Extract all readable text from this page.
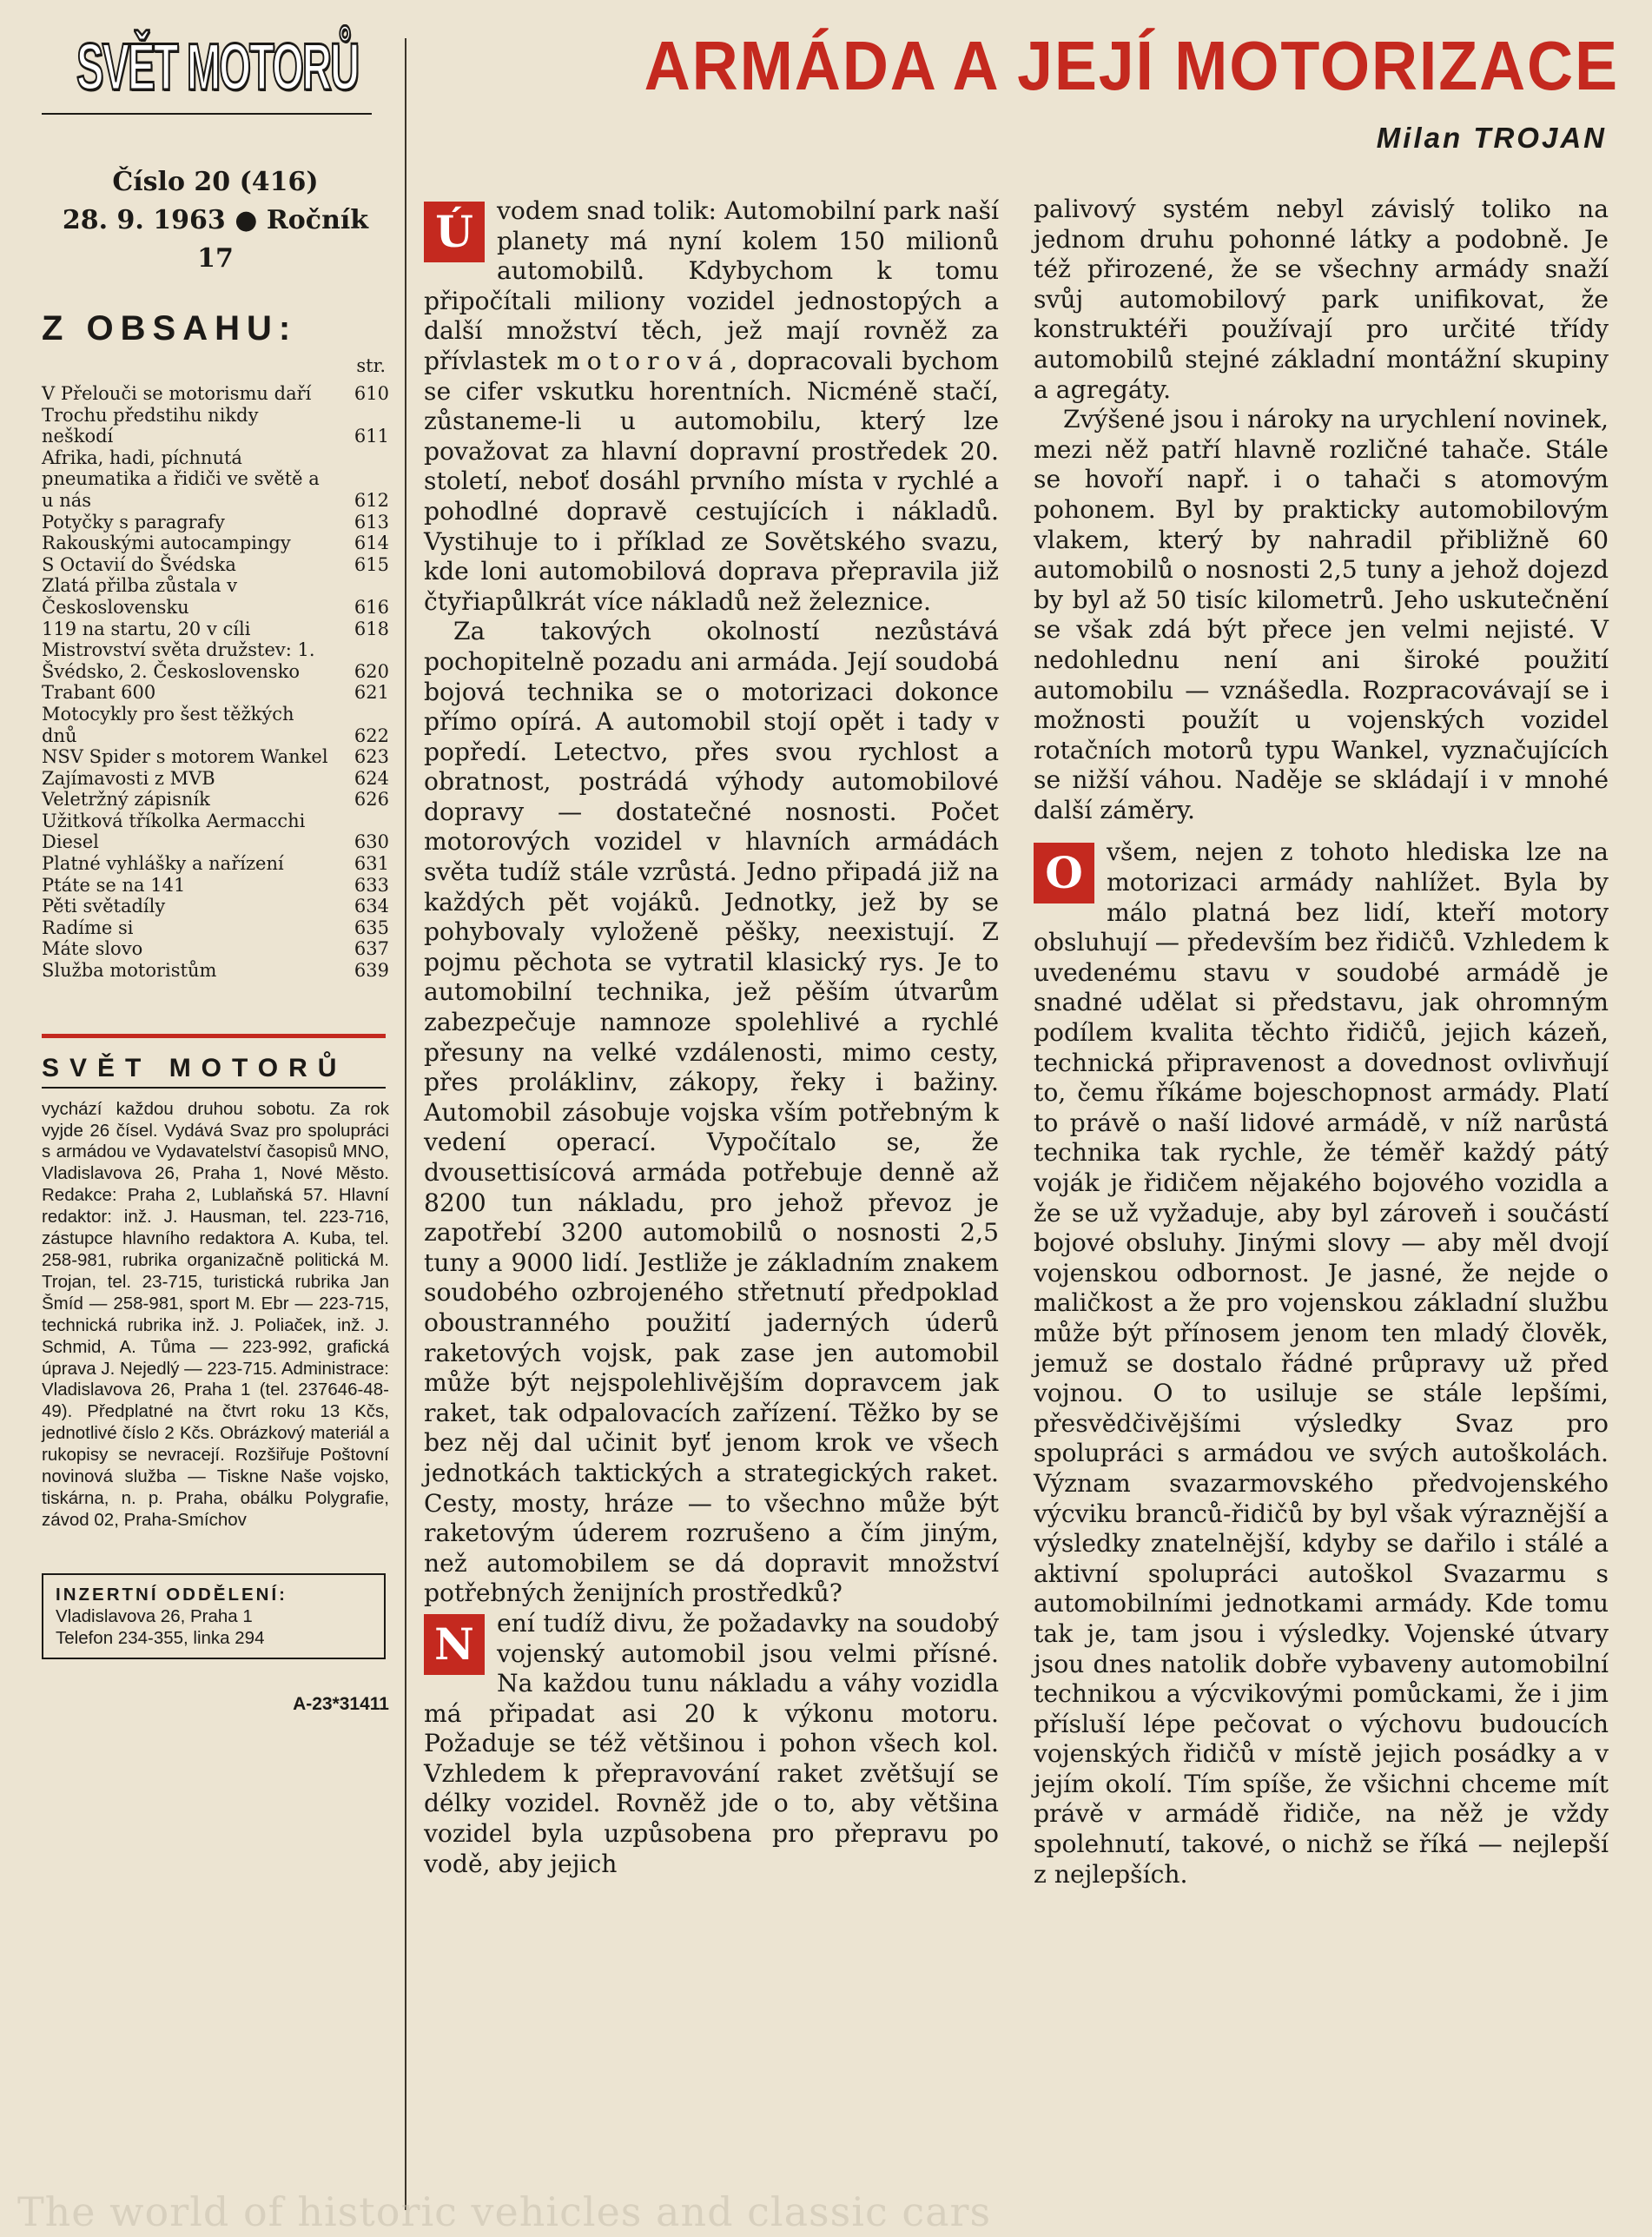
SVĚT MOTORŮ
Číslo 20 (416)
28. 9. 1963 ● Ročník 17
Z OBSAHU:
str.
V Přelouči se motorismu daří	610
Trochu předstihu nikdy neškodí	611
Afrika, hadi, píchnutá pneumatika a řidiči ve světě a u nás	612
Potyčky s paragrafy	613
Rakouskými autocampingy	614
S Octavií do Švédska	615
Zlatá přilba zůstala v Československu	616
119 na startu, 20 v cíli	618
Mistrovství světa družstev: 1. Švédsko, 2. Československo	620
Trabant 600	621
Motocykly pro šest těžkých dnů	622
NSV Spider s motorem Wankel	623
Zajímavosti z MVB	624
Veletržný zápisník	626
Užitková tříkolka Aermacchi Diesel	630
Platné vyhlášky a nařízení	631
Ptáte se na 141	633
Pěti světadíly	634
Radíme si	635
Máte slovo	637
Služba motoristům	639
SVĚT MOTORŮ

vychází každou druhou sobotu. Za rok vyjde 26 čísel. Vydává Svaz pro spolupráci s armádou ve Vydavatelství časopisů MNO, Vladislavova 26, Praha 1, Nové Město. Redakce: Praha 2, Lublaňská 57. Hlavní redaktor: inž. J. Hausman, tel. 223-716, zástupce hlavního redaktora A. Kuba, tel. 258-981, rubrika organizačně politická M. Trojan, tel. 23-715, turistická rubrika Jan Šmíd — 258-981, sport M. Ebr — 223-715, technická rubrika inž. J. Poliaček, inž. J. Schmid, A. Tůma — 223-992, grafická úprava J. Nejedlý — 223-715. Administrace: Vladislavova 26, Praha 1 (tel. 237646-48-49). Předplatné na čtvrt roku 13 Kčs, jednotlivé číslo 2 Kčs. Obrázkový materiál a rukopisy se nevracejí. Rozšiřuje Poštovní novinová služba — Tiskne Naše vojsko, tiskárna, n. p. Praha, obálku Polygrafie, závod 02, Praha-Smíchov

INZERTNÍ ODDĚLENÍ:
Vladislavova 26, Praha 1
Telefon 234-355, linka 294
A-23*31411
ARMÁDA A JEJÍ MOTORIZACE
Milan TROJAN

Ú vodem snad tolik: Automobilní park naší planety má nyní kolem 150 milionů automobilů. Kdybychom k tomu připočítali miliony vozidel jednostopých a další množství těch, jež mají rovněž za přívlastek motorová, dopracovali bychom se cifer vskutku horentních. Nicméně stačí, zůstaneme-li u automobilu, který lze považovat za hlavní dopravní prostředek 20. století, neboť dosáhl prvního místa v rychlé a pohodlné dopravě cestujících i nákladů. Vystihuje to i příklad ze Sovětského svazu, kde loni automobilová doprava přepravila již čtyřiapůlkrát více nákladů než železnice.

Za takových okolností nezůstává pochopitelně pozadu ani armáda. Její soudobá bojová technika se o motorizaci dokonce přímo opírá. A automobil stojí opět i tady v popředí. Letectvo, přes svou rychlost a obratnost, postrádá výhody automobilové dopravy — dostatečné nosnosti. Počet motorových vozidel v hlavních armádách světa tudíž stále vzrůstá. Jedno připadá již na každých pět vojáků. Jednotky, jež by se pohybovaly vyloženě pěšky, neexistují. Z pojmu pěchota se vytratil klasický rys. Je to automobilní technika, jež pěším útvarům zabezpečuje namnoze spolehlivé a rychlé přesuny na velké vzdálenosti, mimo cesty, přes proláklinv, zákopy, řeky i bažiny. Automobil zásobuje vojska vším potřebným k vedení operací. Vypočítalo se, že dvousettisícová armáda potřebuje denně až 8200 tun nákladu, pro jehož převoz je zapotřebí 3200 automobilů o nosnosti 2,5 tuny a 9000 lidí. Jestliže je základním znakem soudobého ozbrojeného střetnutí předpoklad oboustranného použití jaderných úderů raketových vojsk, pak zase jen automobil může být nejspolehlivějším dopravcem jak raket, tak odpalovacích zařízení. Těžko by se bez něj dal učinit byť jenom krok ve všech jednotkách taktických a strategických raket. Cesty, mosty, hráze — to všechno může být raketovým úderem rozrušeno a čím jiným, než automobilem se dá dopravit množství potřebných ženijních prostředků?

N ení tudíž divu, že požadavky na soudobý vojenský automobil jsou velmi přísné. Na každou tunu nákladu a váhy vozidla má připadat asi 20 k výkonu motoru. Požaduje se též většinou i pohon všech kol. Vzhledem k přepravování raket zvětšují se délky vozidel. Rovněž jde o to, aby většina vozidel byla uzpůsobena pro přepravu po vodě, aby jejich

palivový systém nebyl závislý toliko na jednom druhu pohonné látky a podobně. Je též přirozené, že se všechny armády snaží svůj automobilový park unifikovat, že konstruktéři používají pro určité třídy automobilů stejné základní montážní skupiny a agregáty.

Zvýšené jsou i nároky na urychlení novinek, mezi něž patří hlavně rozličné tahače. Stále se hovoří např. i o tahači s atomovým pohonem. Byl by prakticky automobilovým vlakem, který by nahradil přibližně 60 automobilů o nosnosti 2,5 tuny a jehož dojezd by byl až 50 tisíc kilometrů. Jeho uskutečnění se však zdá být přece jen velmi nejisté. V nedohlednu není ani široké použití automobilu — vznášedla. Rozpracovávají se i možnosti použít u vojenských vozidel rotačních motorů typu Wankel, vyznačujících se nižší váhou. Naděje se skládají i v mnohé další záměry.

O všem, nejen z tohoto hlediska lze na motorizaci armády nahlížet. Byla by málo platná bez lidí, kteří motory obsluhují — především bez řidičů. Vzhledem k uvedenému stavu v soudobé armádě je snadné udělat si představu, jak ohromným podílem kvalita těchto řidičů, jejich kázeň, technická připravenost a dovednost ovlivňují to, čemu říkáme bojeschopnost armády. Platí to právě o naší lidové armádě, v níž narůstá technika tak rychle, že téměř každý pátý voják je řidičem nějakého bojového vozidla a že se už vyžaduje, aby byl zároveň i součástí bojové obsluhy. Jinými slovy — aby měl dvojí vojenskou odbornost. Je jasné, že nejde o maličkost a že pro vojenskou základní službu může být přínosem jenom ten mladý člověk, jemuž se dostalo řádné průpravy už před vojnou. O to usiluje se stále lepšími, přesvědčivějšími výsledky Svaz pro spolupráci s armádou ve svých autoškolách. Význam svazarmovského předvojenského výcviku branců-řidičů by byl však výraznější a výsledky znatelnější, kdyby se dařilo i stálé a aktivní spolupráci autoškol Svazarmu s automobilními jednotkami armády. Kde tomu tak je, tam jsou i výsledky. Vojenské útvary jsou dnes natolik dobře vybaveny automobilní technikou a výcvikovými pomůckami, že i jim přísluší lépe pečovat o výchovu budoucích vojenských řidičů v místě jejich posádky a v jejím okolí. Tím spíše, že všichni chceme mít právě v armádě řidiče, na něž je vždy spolehnutí, takové, o nichž se říká — nejlepší z nejlepších.

The world of historic vehicles and classic cars
